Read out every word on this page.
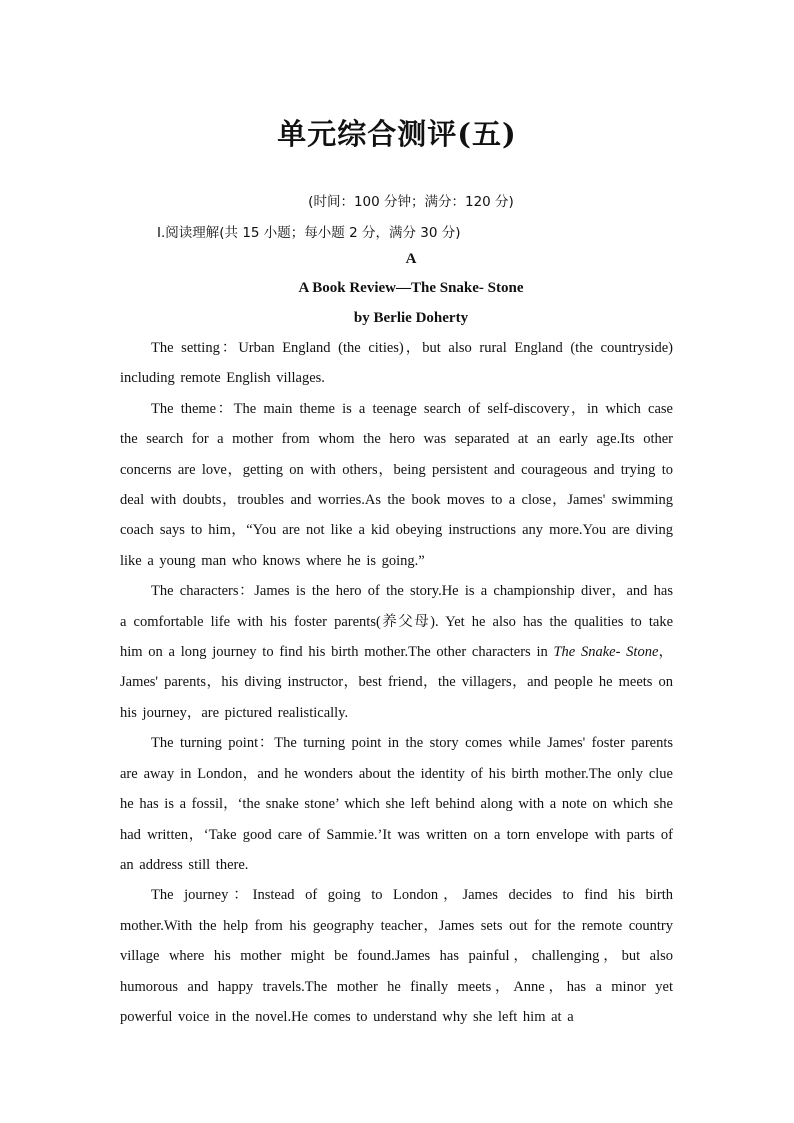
单元综合测评(五)
(时间：100 分钟；满分：120 分)
Ⅰ.阅读理解(共 15 小题；每小题 2 分，满分 30 分)
A
A Book Review—The Snake- Stone
by Berlie Doherty

The setting：Urban England (the cities)，but also rural England (the countryside) including remote English villages.

The theme：The main theme is a teenage search of self-discovery，in which case the search for a mother from whom the hero was separated at an early age.Its other concerns are love，getting on with others，being persistent and courageous and trying to deal with doubts，troubles and worries.As the book moves to a close，James' swimming coach says to him，“You are not like a kid obeying instructions any more.You are diving like a young man who knows where he is going.”

The characters：James is the hero of the story.He is a championship diver，and has a comfortable life with his foster parents(养父母). Yet he also has the qualities to take him on a long journey to find his birth mother.The other characters in The Snake- Stone，James' parents，his diving instructor，best friend，the villagers，and people he meets on his journey，are pictured realistically.

The turning point：The turning point in the story comes while James' foster parents are away in London，and he wonders about the identity of his birth mother.The only clue he has is a fossil，‘the snake stone’ which she left behind along with a note on which she had written，‘Take good care of Sammie.’It was written on a torn envelope with parts of an address still there.

The journey：Instead of going to London，James decides to find his birth mother.With the help from his geography teacher，James sets out for the remote country village where his mother might be found.James has painful，challenging，but also humorous and happy travels.The mother he finally meets，Anne，has a minor yet powerful voice in the novel.He comes to understand why she left him at a
